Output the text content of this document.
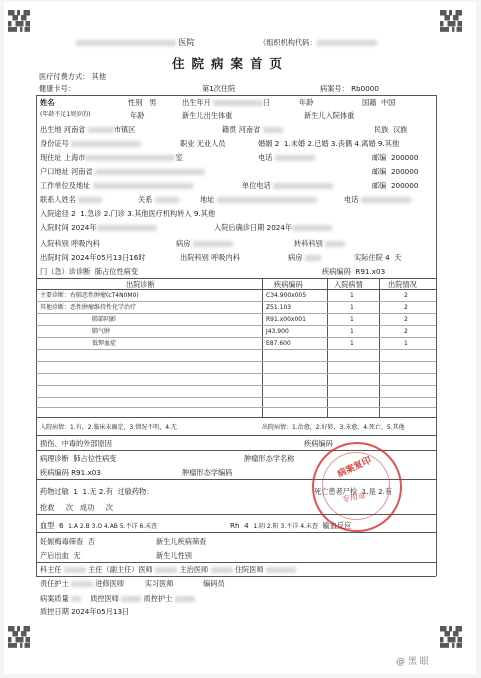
医院	（组织机构代码：
住院病案首页
医疗付费方式： 其他
健康卡号：	第1次住院	病案号： Rb0000
姓名	性别 男	出生年月	日	年龄	国籍 中国
(年龄不足1周岁的)	年龄	新生儿出生体重	新生儿入院体重
出生地 河南省	市镇区	籍贯 河南省	民族 汉族
身份证号	职业 无业人员	婚姻 2 1.未婚 2.已婚 3.丧偶 4.离婚 9.其他
现住址 上海市	室	电话	邮编 200000
户口地址 河南省	邮编 200000
工作单位及地址	单位电话	邮编 200000
联系人姓名	关系	地址	电话
入院途径 2 1.急诊 2.门诊 3.其他医疗机构转入 9.其他
入院时间 2024年	入院后确诊日期 2024年
入院科别 呼吸内科	病房	转科科别
出院时间 2024年05月13日16时	出院科别 呼吸内科	病房	实际住院 4 天
门（急）诊诊断 肺占位性病变	疾病编码 R91.x03
出院诊断	疾病编码	入院病情	出院情况
主要诊断：右肺恶性肿瘤(cT4N0M0)	C34.900x005	1	2
其他诊断：恶性肿瘤维持性化学治疗	Z51.103	1	2
肺部阴影	R91.x00x001	1	2
肺气肿	J43.900	1	2
低钾血症	E87.600	1	1
入院病情：1.有，2.临床未确定，3.情况不明，4.无	出院病情：1.治愈，2.好转，3.未愈，4.死亡，5.其他
损伤、中毒的外部原因	疾病编码
病理诊断 肺占位性病变	肿瘤形态学名称
疾病编码 R91.x03	肿瘤形态学编码
药物过敏 1 1.无 2.有 过敏药物：	死亡患者尸检 1.是 2.有
抢救 次 成功 次
血型 6 1.A 2.B 3.O 4.AB 5.不详 6.未查	Rh 4 1.阴 2.阳 3.不详 4.未查 输血反应
妊娠梅毒筛查 否	新生儿疾病筛查
产后出血 无	新生儿性别
科主任	主任（副主任）医师	主治医师	住院医师
责任护士	进修医师	实习医师	编码员
病案质量	质控医师	质控护士
质控日期 2024年05月13日
病案复印
专用章
@ 黑 眼
